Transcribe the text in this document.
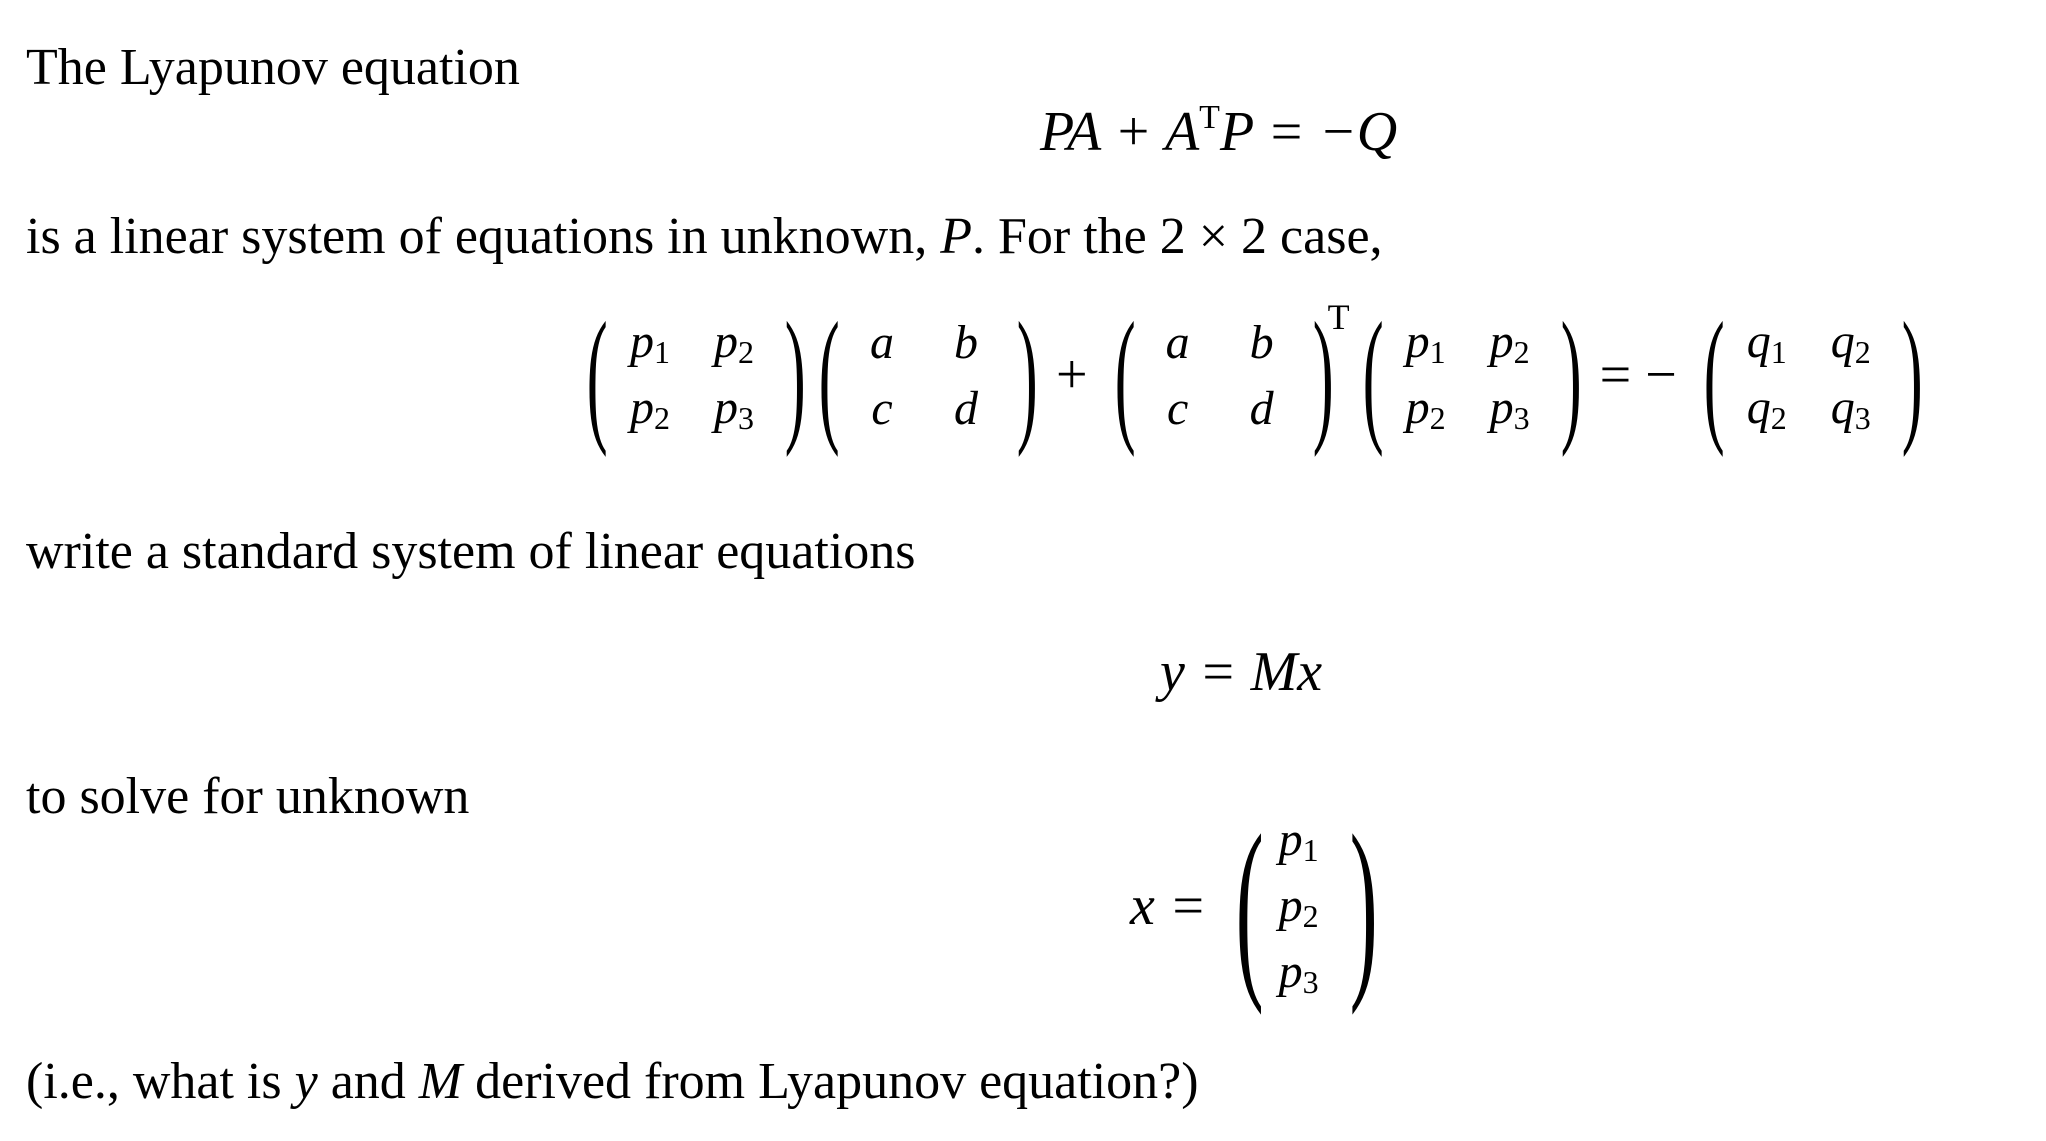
The Lyapunov equation
PA + $A^TP = -Q$
is a linear system of equations in unknown, P. For the 2 × 2 case,
( $p_1$ $p_2$
$p_2$ $p_3$ )
( a b
c d ) + ( a b
c d )
T
( $p_1$ $p_2$
$p_2$ $p_3$ ) = − ( $q_1$ $q_2$
$q_2$ $q_3$ )
write a standard system of linear equations
y = Mx
to solve for unknown
x = ( $p_1$
$p_2$
$p_3$ )
(i.e., what is y and M derived from Lyapunov equation?)
